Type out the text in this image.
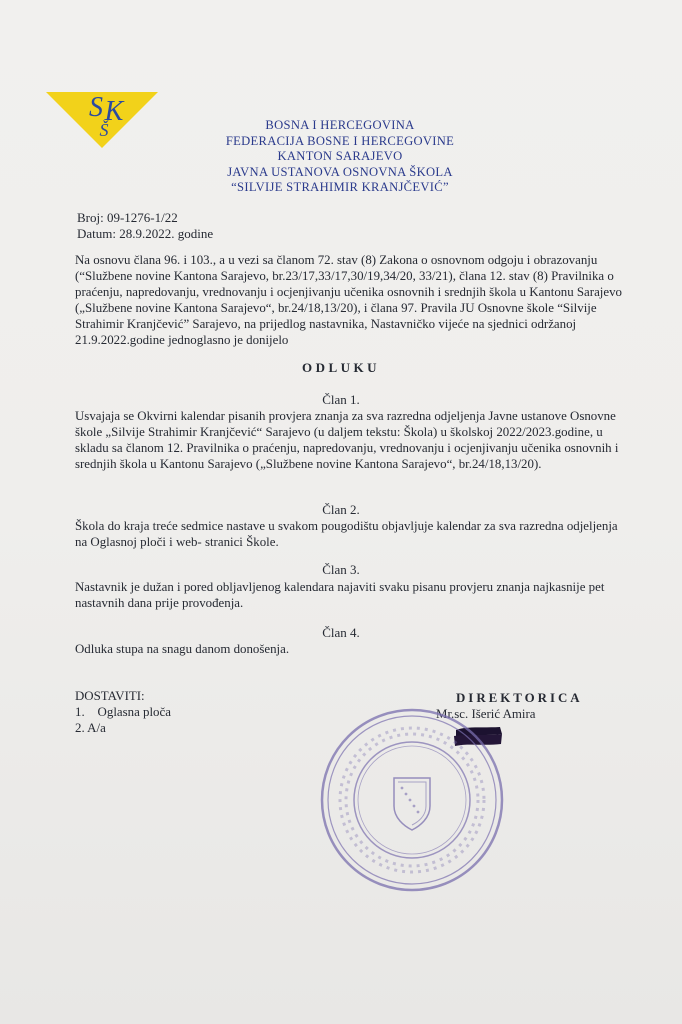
S K
Š	BOSNA I HERCEGOVINA
FEDERACIJA BOSNE I HERCEGOVINE
KANTON SARAJEVO
JAVNA USTANOVA OSNOVNA ŠKOLA
“SILVIJE STRAHIMIR KRANJČEVIĆ”
Broj: 09-1276-1/22
Datum: 28.9.2022. godine

Na osnovu člana 96. i 103., a u vezi sa članom 72. stav (8) Zakona o osnovnom odgoju i obrazovanju (“Službene novine Kantona Sarajevo, br.23/17,33/17,30/19,34/20, 33/21), člana 12. stav (8) Pravilnika o praćenju, napredovanju, vrednovanju i ocjenjivanju učenika osnovnih i srednjih škola u Kantonu Sarajevo („Službene novine Kantona Sarajevo“, br.24/18,13/20), i člana 97. Pravila JU Osnovne škole “Silvije Strahimir Kranjčević” Sarajevo, na prijedlog nastavnika, Nastavničko vijeće na sjednici održanoj 21.9.2022.godine jednoglasno je donijelo

ODLUKU
Član 1.

Usvajaja se Okvirni kalendar pisanih provjera znanja za sva razredna odjeljenja Javne ustanove Osnovne škole „Silvije Strahimir Kranjčević“ Sarajevo (u daljem tekstu: Škola) u školskoj 2022/2023.godine, u skladu sa članom 12. Pravilnika o praćenju, napredovanju, vrednovanju i ocjenjivanju učenika osnovnih i srednjih škola u Kantonu Sarajevo („Službene novine Kantona Sarajevo“, br.24/18,13/20).

Član 2.

Škola do kraja treće sedmice nastave u svakom pougodištu objavljuje kalendar za sva razredna odjeljenja na Oglasnoj ploči i web- stranici Škole.

Član 3.

Nastavnik je dužan i pored obljavljenog kalendara najaviti svaku pisanu provjeru znanja najkasnije pet nastavnih dana prije provođenja.

Član 4.

Odluka stupa na snagu danom donošenja.

DOSTAVITI:
1.    Oglasna ploča
2. A/a
DIREKTORICA
Mr.sc. Išerić Amira
